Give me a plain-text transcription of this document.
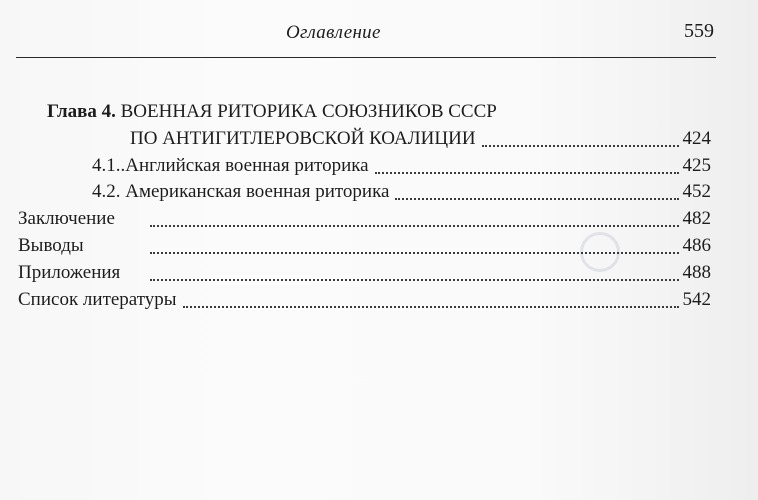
Оглавление	559
Глава 4. ВОЕННАЯ РИТОРИКА СОЮЗНИКОВ СССР
ПО АНТИГИТЛЕРОВСКОЙ КОАЛИЦИИ	424
4.1..Английская военная риторика	425
4.2. Американская военная риторика	452
Заключение	482
Выводы	486
Приложения	488
Список литературы	542
